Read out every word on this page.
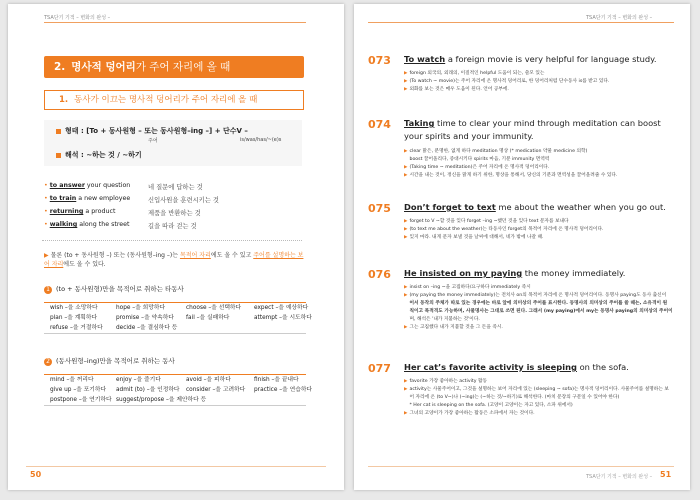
TSA단기 기적 – 변화의 완성 –
2. 명사적 덩어리가 주어 자리에 올 때
1. 동사가 이끄는 명사적 덩어리가 주어 자리에 올 때
형태 : [To + 동사원형 – 또는 동사원형–ing –] + 단수V –
주어	is/was/has/~(e)s
해석 : ~하는 것 / ~하기
• to answer your question	네 질문에 답하는 것
• to train a new employee	신입사원을 훈련시키는 것
• returning a product	제품을 반환하는 것
• walking along the street	길을 따라 걷는 것
▶ 물론 (to + 동사원형 –) 또는 (동사원형–ing –)는 목적어 자리에도 올 수 있고 주어를 설명하는 보어 자리에도 올 수 있다.
1 (to + 동사원형)만을 목적어로 취하는 타동사
wish –을 소망하다	hope –을 희망하다	choose –을 선택하다 expect –을 예상하다
plan –을 계획하다	promise –을 약속하다 fail –을 실패하다	attempt –을 시도하다
refuse –을 거절하다 decide –을 결심하다 등
2 (동사원형–ing)만을 목적어로 취하는 동사
mind –을 꺼리다	enjoy –을 즐기다	avoid –을 피하다	finish –을 끝내다
give up –을 포기하다 admit (to) –을 인정하다 consider –을 고려하다 practice –을 연습하다
postpone –을 연기하다 suggest/propose –을 제안하다 등
50
TSA단기 기적 – 변화의 완성 –
073 To watch a foreign movie is very helpful for language study.
▶ foreign 외국의, 외래의, 이질적인 helpful 도움이 되는, 쓸모 있는
▶ (To watch ~ movie)는 주어 자리에 온 명사적 덩어리로, 한 덩어리처럼 단수동사 is를 받고 있다.
▶ 외화를 보는 것은 매우 도움이 된다. 언어 공부에.
074 Taking time to clear your mind through meditation can boost your spirits and your immunity.
▶ clear 맑은, 분명한, 없게 하다 meditation 명상 (* medication 약물 medicine 의학)
boost 끌어올리다, 증대시키다 spirits 마음, 기분 immunity 면역력
▶ (Taking time ~ meditation)은 주어 자리에 온 명사적 덩어리이다.
▶ 시간을 내는 것이, 정신을 맑게 하기 위한, 명상을 통해서, 당신의 기분과 면역성을 끌어올려줄 수 있다.
075 Don’t forget to text me about the weather when you go out.
▶ forget to V ~할 것을 잊다 forget –ing ~했던 것을 잊다 text 문자를 보내다
▶ (to text me about the weather)는 타동사인 forget의 목적어 자리에 온 명사적 덩어리이다.
▶ 잊지 마라. 내게 문자 보낼 것을 날씨에 대해서, 네가 밖에 나갈 때.
076 He insisted on my paying the money immediately.
▶ insist on –ing ~을 고집하다/요구하다 immediately 즉시
▶ (my paying the money immediately)는 전치사 on의 목적어 자리에 온 명사적 덩어리이다. 동명사 paying도 동사 출신이
어서 동작의 주체가 따로 있는 경우에는 바로 앞에 의미상의 주어를 표시한다. 동명사의 의미상의 주어를 쓸 때는, 소유격이 원
칙이고 목적격도 가능하며, 사물명사는 그대로 쓰면 된다. 그래서 (my paying)에서 my는 동명사 paying의 의미상의 주어이
며, 해석은 '내가 지불하는 것'이다.
▶ 그는 고집했다 내가 지불할 것을 그 돈을 즉시.
077 Her cat’s favorite activity is sleeping on the sofa.
▶ favorite 가장 좋아하는 activity 활동
▶ activity는 사물주어이고, 그것을 설명하는 보어 자리에 있는 (sleeping ~ sofa)는 명사적 덩어리이다. 사물주어를 설명하는 보
어 자리에 온 (to V~)나 (~ing)는 (~하는 것/~하기)로 해석한다. (마치 문장의 구문일 수 있어야 한다)
* Her cat is sleeping on the sofa. (고양이 고양이는 자고 있다, 소파 위에서)
▶ 그녀의 고양이가 가장 좋아하는 활동은 소파에서 자는 것이다.
TSA단기 기적 – 변화의 완성 – 51
